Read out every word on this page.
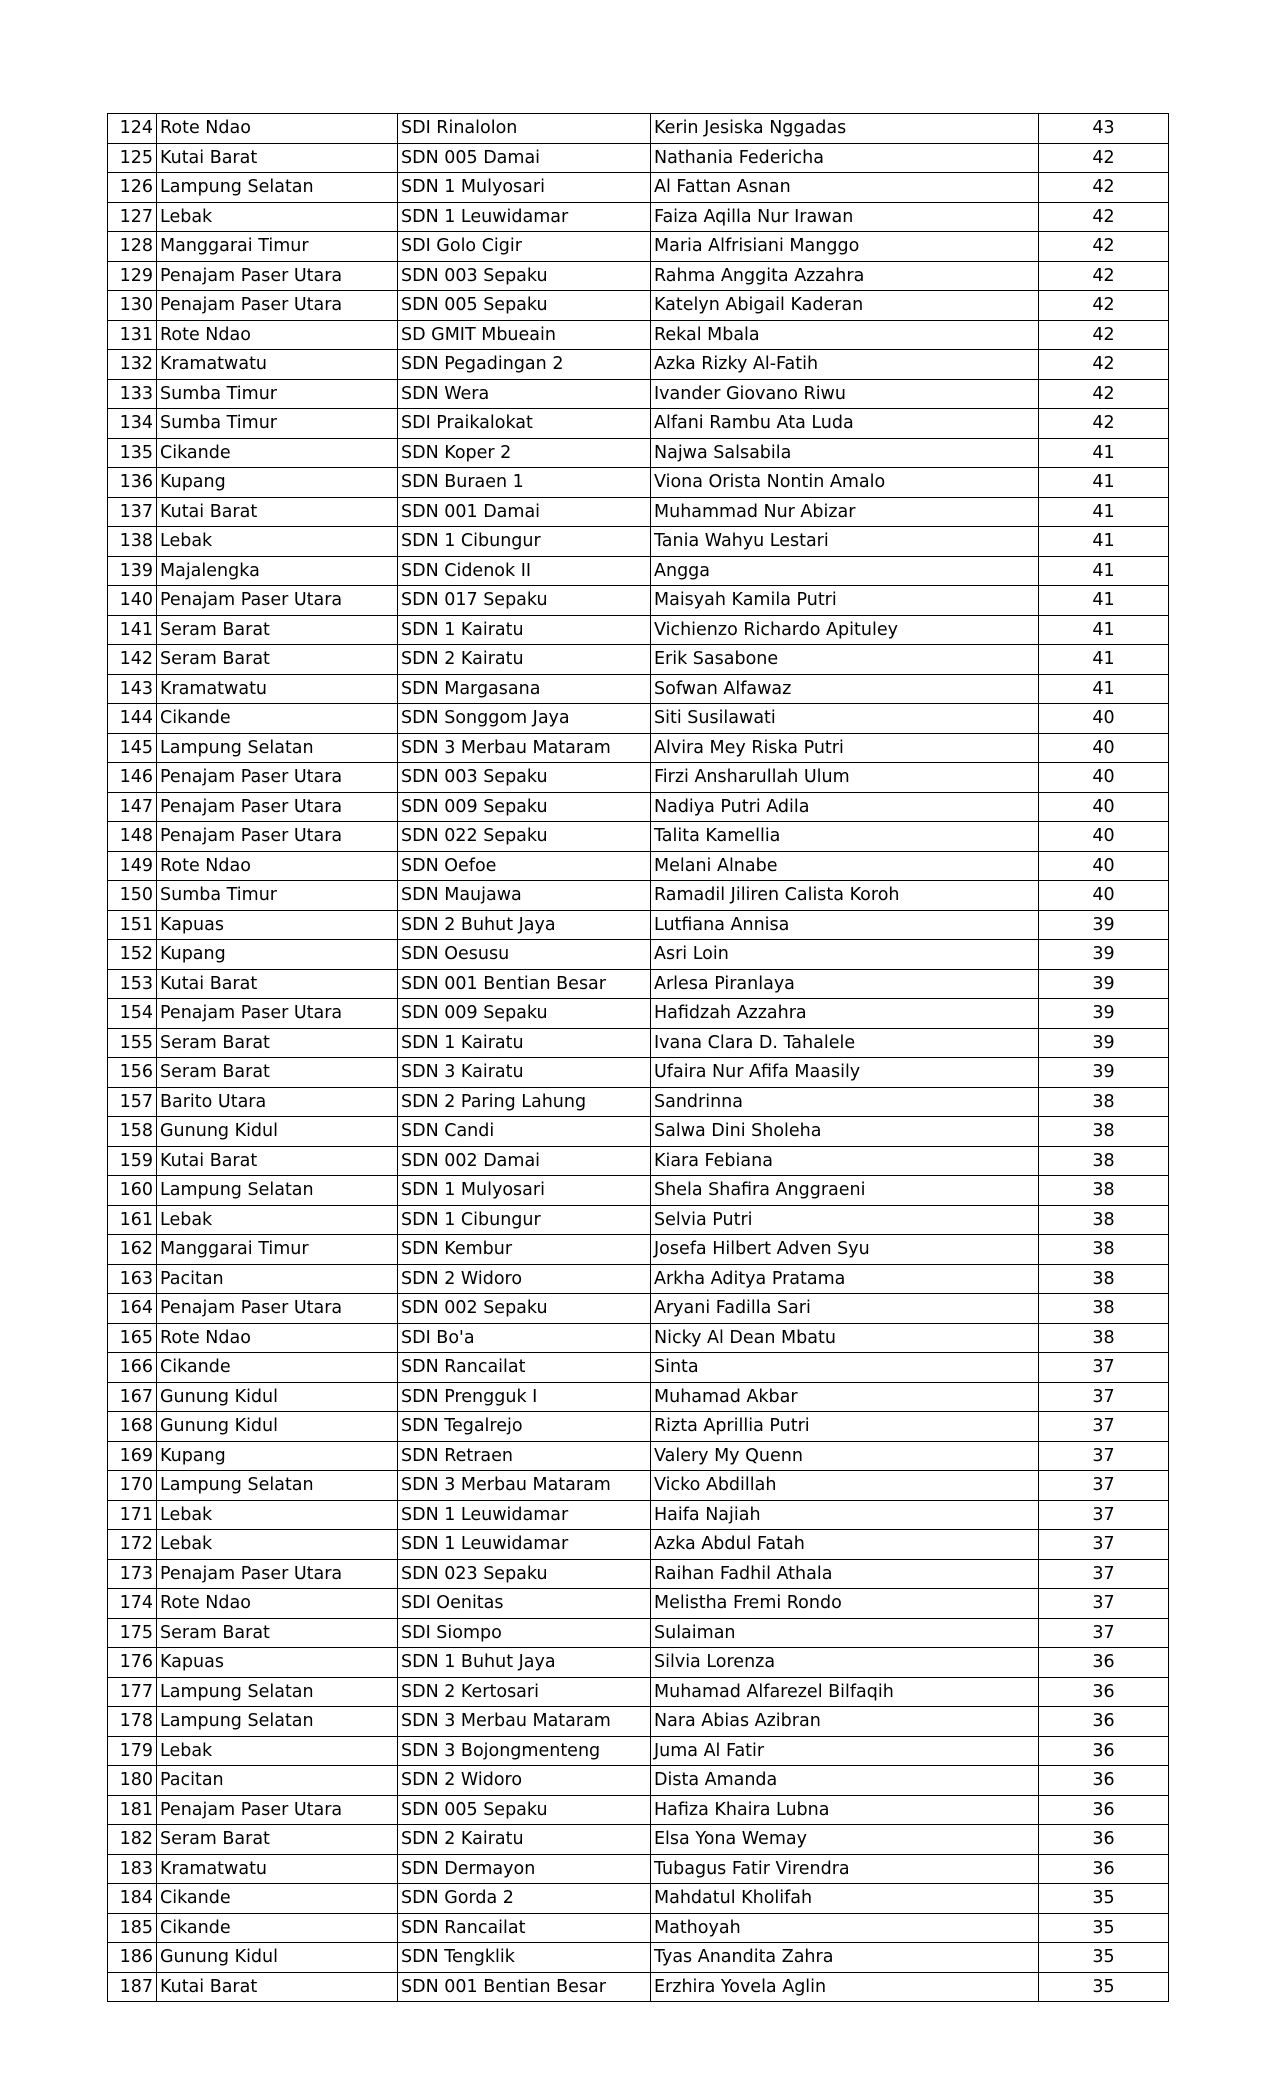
124	Rote Ndao	SDI Rinalolon	Kerin Jesiska Nggadas	43
125	Kutai Barat	SDN 005 Damai	Nathania Federicha	42
126	Lampung Selatan	SDN 1 Mulyosari	Al Fattan Asnan	42
127	Lebak	SDN 1 Leuwidamar	Faiza Aqilla Nur Irawan	42
128	Manggarai Timur	SDI Golo Cigir	Maria Alfrisiani Manggo	42
129	Penajam Paser Utara	SDN 003 Sepaku	Rahma Anggita Azzahra	42
130	Penajam Paser Utara	SDN 005 Sepaku	Katelyn Abigail Kaderan	42
131	Rote Ndao	SD GMIT Mbueain	Rekal Mbala	42
132	Kramatwatu	SDN Pegadingan 2	Azka Rizky Al-Fatih	42
133	Sumba Timur	SDN Wera	Ivander Giovano Riwu	42
134	Sumba Timur	SDI Praikalokat	Alfani Rambu Ata Luda	42
135	Cikande	SDN Koper 2	Najwa Salsabila	41
136	Kupang	SDN Buraen 1	Viona Orista Nontin Amalo	41
137	Kutai Barat	SDN 001 Damai	Muhammad Nur Abizar	41
138	Lebak	SDN 1 Cibungur	Tania Wahyu Lestari	41
139	Majalengka	SDN Cidenok II	Angga	41
140	Penajam Paser Utara	SDN 017 Sepaku	Maisyah Kamila Putri	41
141	Seram Barat	SDN 1 Kairatu	Vichienzo Richardo Apituley	41
142	Seram Barat	SDN 2 Kairatu	Erik Sasabone	41
143	Kramatwatu	SDN Margasana	Sofwan Alfawaz	41
144	Cikande	SDN Songgom Jaya	Siti Susilawati	40
145	Lampung Selatan	SDN 3 Merbau Mataram	Alvira Mey Riska Putri	40
146	Penajam Paser Utara	SDN 003 Sepaku	Firzi Ansharullah Ulum	40
147	Penajam Paser Utara	SDN 009 Sepaku	Nadiya Putri Adila	40
148	Penajam Paser Utara	SDN 022 Sepaku	Talita Kamellia	40
149	Rote Ndao	SDN Oefoe	Melani Alnabe	40
150	Sumba Timur	SDN Maujawa	Ramadil Jiliren Calista Koroh	40
151	Kapuas	SDN 2 Buhut Jaya	Lutfiana Annisa	39
152	Kupang	SDN Oesusu	Asri Loin	39
153	Kutai Barat	SDN 001 Bentian Besar	Arlesa Piranlaya	39
154	Penajam Paser Utara	SDN 009 Sepaku	Hafidzah Azzahra	39
155	Seram Barat	SDN 1 Kairatu	Ivana Clara D. Tahalele	39
156	Seram Barat	SDN 3 Kairatu	Ufaira Nur Afifa Maasily	39
157	Barito Utara	SDN 2 Paring Lahung	Sandrinna	38
158	Gunung Kidul	SDN Candi	Salwa Dini Sholeha	38
159	Kutai Barat	SDN 002 Damai	Kiara Febiana	38
160	Lampung Selatan	SDN 1 Mulyosari	Shela Shafira Anggraeni	38
161	Lebak	SDN 1 Cibungur	Selvia Putri	38
162	Manggarai Timur	SDN Kembur	Josefa Hilbert Adven Syu	38
163	Pacitan	SDN 2 Widoro	Arkha Aditya Pratama	38
164	Penajam Paser Utara	SDN 002 Sepaku	Aryani Fadilla Sari	38
165	Rote Ndao	SDI Bo'a	Nicky Al Dean Mbatu	38
166	Cikande	SDN Rancailat	Sinta	37
167	Gunung Kidul	SDN Prengguk I	Muhamad Akbar	37
168	Gunung Kidul	SDN Tegalrejo	Rizta Aprillia Putri	37
169	Kupang	SDN Retraen	Valery My Quenn	37
170	Lampung Selatan	SDN 3 Merbau Mataram	Vicko Abdillah	37
171	Lebak	SDN 1 Leuwidamar	Haifa Najiah	37
172	Lebak	SDN 1 Leuwidamar	Azka Abdul Fatah	37
173	Penajam Paser Utara	SDN 023 Sepaku	Raihan Fadhil Athala	37
174	Rote Ndao	SDI Oenitas	Melistha Fremi Rondo	37
175	Seram Barat	SDI Siompo	Sulaiman	37
176	Kapuas	SDN 1 Buhut Jaya	Silvia Lorenza	36
177	Lampung Selatan	SDN 2 Kertosari	Muhamad Alfarezel Bilfaqih	36
178	Lampung Selatan	SDN 3 Merbau Mataram	Nara Abias Azibran	36
179	Lebak	SDN 3 Bojongmenteng	Juma Al Fatir	36
180	Pacitan	SDN 2 Widoro	Dista Amanda	36
181	Penajam Paser Utara	SDN 005 Sepaku	Hafiza Khaira Lubna	36
182	Seram Barat	SDN 2 Kairatu	Elsa Yona Wemay	36
183	Kramatwatu	SDN Dermayon	Tubagus Fatir Virendra	36
184	Cikande	SDN Gorda 2	Mahdatul Kholifah	35
185	Cikande	SDN Rancailat	Mathoyah	35
186	Gunung Kidul	SDN Tengklik	Tyas Anandita Zahra	35
187	Kutai Barat	SDN 001 Bentian Besar	Erzhira Yovela Aglin	35
